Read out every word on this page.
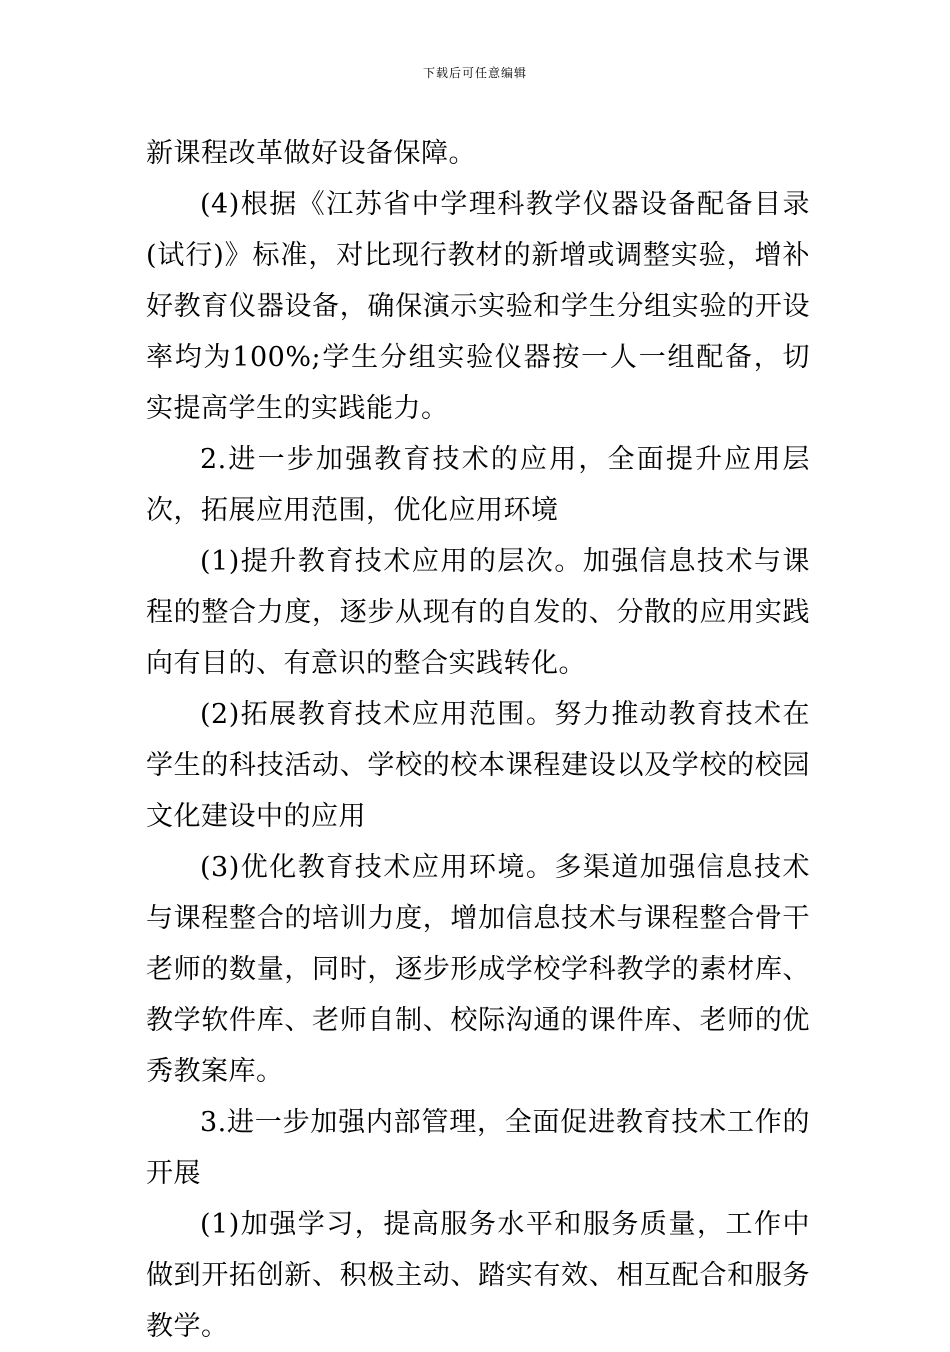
下载后可任意编辑

新课程改革做好设备保障。

(4)根据《江苏省中学理科教学仪器设备配备目录(试行)》标准，对比现行教材的新增或调整实验，增补好教育仪器设备，确保演示实验和学生分组实验的开设率均为100%;学生分组实验仪器按一人一组配备，切实提高学生的实践能力。

2.进一步加强教育技术的应用，全面提升应用层次，拓展应用范围，优化应用环境

(1)提升教育技术应用的层次。加强信息技术与课程的整合力度，逐步从现有的自发的、分散的应用实践向有目的、有意识的整合实践转化。

(2)拓展教育技术应用范围。努力推动教育技术在学生的科技活动、学校的校本课程建设以及学校的校园文化建设中的应用

(3)优化教育技术应用环境。多渠道加强信息技术与课程整合的培训力度，增加信息技术与课程整合骨干老师的数量，同时，逐步形成学校学科教学的素材库、教学软件库、老师自制、校际沟通的课件库、老师的优秀教案库。

3.进一步加强内部管理，全面促进教育技术工作的开展

(1)加强学习，提高服务水平和服务质量，工作中做到开拓创新、积极主动、踏实有效、相互配合和服务教学。
